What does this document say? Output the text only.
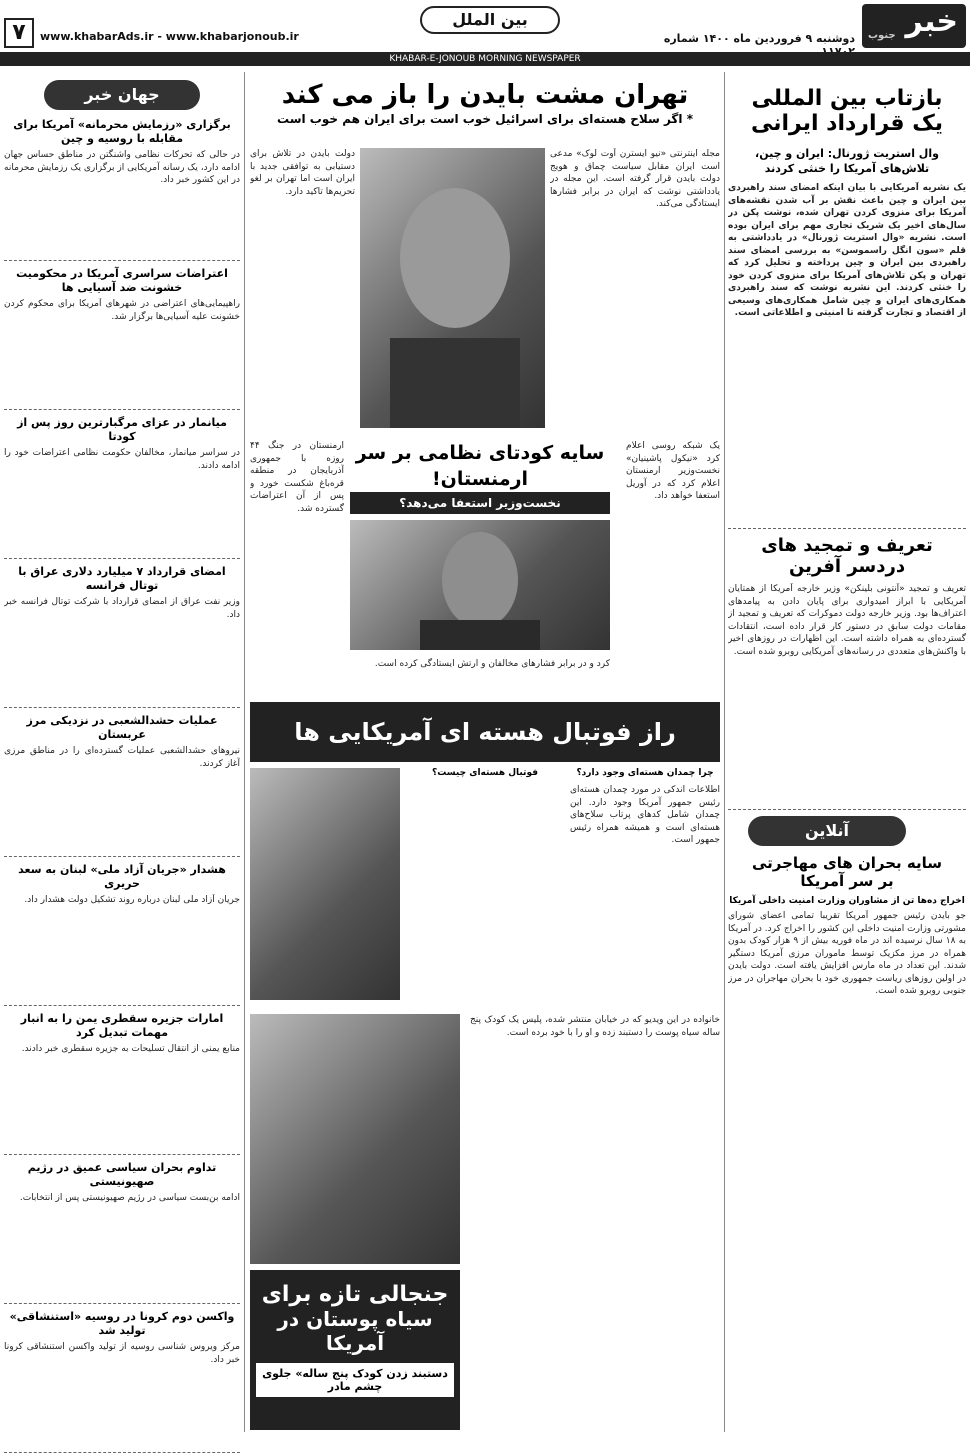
خبر
جنوب
دوشنبه ۹ فروردین ماه ۱۴۰۰ شماره
بین الملل
www.khabarAds.ir - www.khabarjonoub.ir
۷
KHABAR-E-JONOUB MORNING NEWSPAPER
بازتاب بین المللی
یک قرارداد ایرانی
وال استریت ژورنال: ایران و چین، تلاش‌های آمریکا را خنثی کردند
یک نشریه آمریکایی با بیان اینکه امضای سند راهبردی بین ایران و چین باعث نقش بر آب شدن نقشه‌های آمریکا برای منزوی کردن تهران شده، نوشت پکن در سال‌های اخیر یک شریک تجاری مهم برای ایران بوده است. نشریه «وال استریت ژورنال» در یادداشتی به قلم «سون انگل راسموسن» به بررسی امضای سند راهبردی بین ایران و چین پرداخته و تحلیل کرد که تهران و پکن تلاش‌های آمریکا برای منزوی کردن خود را خنثی کردند. این نشریه نوشت که سند راهبردی همکاری‌های ایران و چین شامل همکاری‌های وسیعی از اقتصاد و تجارت گرفته تا امنیتی و اطلاعاتی است.
تعریف و تمجید های
دردسر آفرین
تعریف و تمجید «آنتونی بلینکن» وزیر خارجه آمریکا از همتایان آمریکایی با ابراز امیدواری برای پایان دادن به پیامدهای اعتراف‌ها بود. وزیر خارجه دولت دموکرات که تعریف و تمجید از مقامات دولت سابق در دستور کار قرار داده است، انتقادات گسترده‌ای به همراه داشته است. این اظهارات در روزهای اخیر با واکنش‌های متعددی در رسانه‌های آمریکایی روبرو شده است.
آنلاین
سایه بحران های مهاجرتی
بر سر آمریکا
اخراج ده‌ها تن از مشاوران وزارت امنیت داخلی آمریکا
جو بایدن رئیس جمهور آمریکا تقریبا تمامی اعضای شورای مشورتی وزارت امنیت داخلی این کشور را اخراج کرد. در آمریکا به ۱۸ سال نرسیده اند در ماه فوریه بیش از ۹ هزار کودک بدون همراه در مرز مکزیک توسط ماموران مرزی آمریکا دستگیر شدند. این تعداد در ماه مارس افزایش یافته است. دولت بایدن در اولین روزهای ریاست جمهوری خود با بحران مهاجران در مرز جنوبی روبرو شده است.
جهان خبر
برگزاری «رزمایش محرمانه» آمریکا برای مقابله با روسیه و چین
در حالی که تحرکات نظامی واشنگتن در مناطق حساس جهان ادامه دارد، یک رسانه آمریکایی از برگزاری یک رزمایش محرمانه در این کشور خبر داد.
اعتراضات سراسری آمریکا در محکومیت خشونت ضد آسیایی ها
راهپیمایی‌های اعتراضی در شهرهای آمریکا برای محکوم کردن خشونت علیه آسیایی‌ها برگزار شد.
میانمار در عزای مرگبارترین روز پس از کودتا
در سراسر میانمار، مخالفان حکومت نظامی اعتراضات خود را ادامه دادند.
امضای قرارداد ۷ میلیارد دلاری عراق با توتال فرانسه
وزیر نفت عراق از امضای قرارداد با شرکت توتال فرانسه خبر داد.
عملیات حشدالشعبی در نزدیکی مرز عربستان
نیروهای حشدالشعبی عملیات گسترده‌ای را در مناطق مرزی آغاز کردند.
هشدار «جریان آزاد ملی» لبنان به سعد حریری
جریان آزاد ملی لبنان درباره روند تشکیل دولت هشدار داد.
امارات جزیره سقطری یمن را به انبار مهمات تبدیل کرد
منابع یمنی از انتقال تسلیحات به جزیره سقطری خبر دادند.
تداوم بحران سیاسی عمیق در رژیم صهیونیستی
ادامه بن‌بست سیاسی در رژیم صهیونیستی پس از انتخابات.
واکسن دوم کرونا در روسیه «استنشاقی» تولید شد
مرکز ویروس شناسی روسیه از تولید واکسن استنشاقی کرونا خبر داد.
تهران مشت بایدن را باز می کند
* اگر سلاح هسته‌ای برای اسرائیل خوب است برای ایران هم خوب است
مجله اینترنتی «نیو ایسترن آوت لوک» مدعی است ایران مقابل سیاست چماق و هویج دولت بایدن قرار گرفته است. این مجله در یادداشتی نوشت که ایران در برابر فشارها ایستادگی می‌کند.
دولت بایدن در تلاش برای دستیابی به توافقی جدید با ایران است اما تهران بر لغو تحریم‌ها تاکید دارد.
سایه کودتای نظامی بر سر ارمنستان!
نخست‌وزیر استعفا می‌دهد؟
یک شبکه روسی اعلام کرد «نیکول پاشینیان» نخست‌وزیر ارمنستان اعلام کرد که در آوریل استعفا خواهد داد.
ارمنستان در جنگ ۴۴ روزه با جمهوری آذربایجان در منطقه قره‌باغ شکست خورد و پس از آن اعتراضات گسترده شد.
کرد و در برابر فشارهای مخالفان و ارتش ایستادگی کرده است.
راز فوتبال هسته ای آمریکایی ها چیست؟
چرا چمدان هسته‌ای وجود دارد؟
اطلاعات اندکی در مورد چمدان هسته‌ای رئیس جمهور آمریکا وجود دارد. این چمدان شامل کدهای پرتاب سلاح‌های هسته‌ای است و همیشه همراه رئیس جمهور است.
فوتبال هسته‌ای چیست؟
خانواده در این ویدیو که در خیابان منتشر شده، پلیس یک کودک پنج ساله سیاه پوست را دستبند زده و او را با خود برده است.
جنجالی تازه برای
سیاه پوستان در آمریکا
دستبند زدن کودک پنج ساله» جلوی چشم مادر
